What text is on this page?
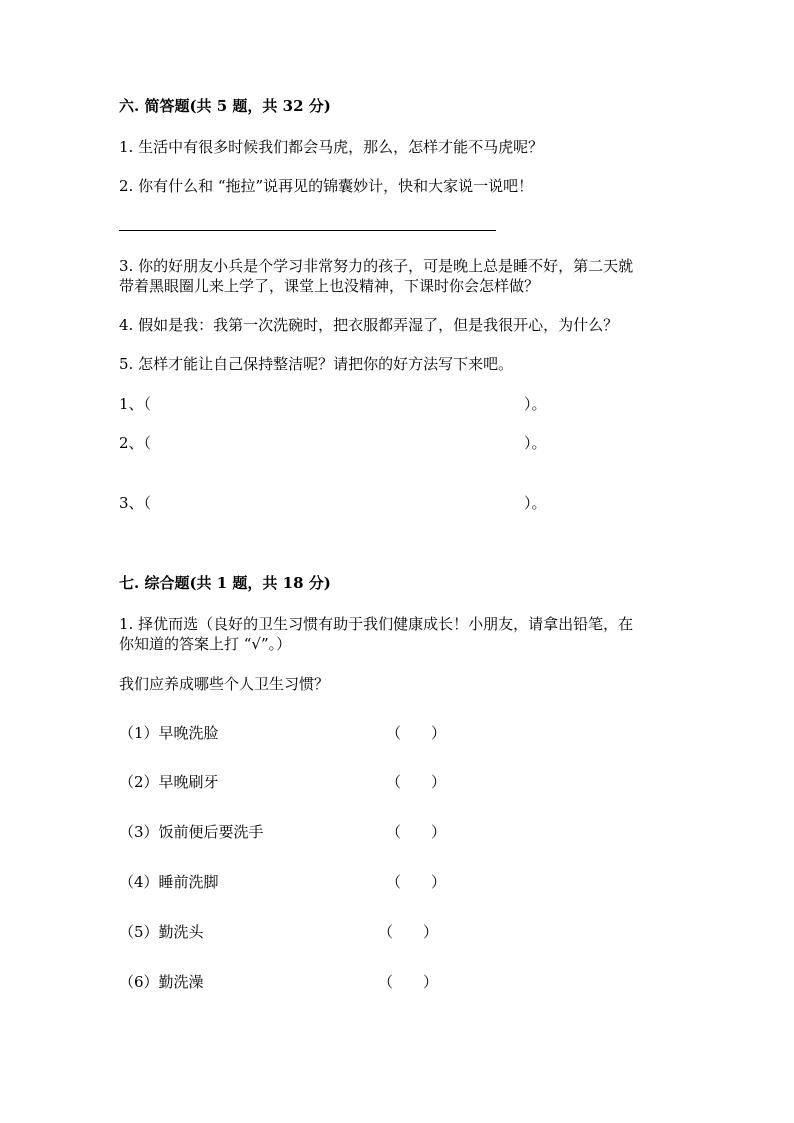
六. 简答题(共 5 题，共 32 分)
1. 生活中有很多时候我们都会马虎，那么，怎样才能不马虎呢？
2. 你有什么和 “拖拉”说再见的锦囊妙计，快和大家说一说吧！
3. 你的好朋友小兵是个学习非常努力的孩子，可是晚上总是睡不好，第二天就
带着黑眼圈儿来上学了，课堂上也没精神，下课时你会怎样做？
4. 假如是我：我第一次洗碗时，把衣服都弄湿了，但是我很开心，为什么？
5. 怎样才能让自己保持整洁呢？请把你的好方法写下来吧。
1、（	）。
2、（	）。
3、（	）。
七. 综合题(共 1 题，共 18 分)
1. 择优而选（良好的卫生习惯有助于我们健康成长！小朋友，请拿出铅笔，在
你知道的答案上打 “√”。）
我们应养成哪些个人卫生习惯？
（1）早晚洗脸	（　　）
（2）早晚刷牙	（　　）
（3）饭前便后要洗手	（　　）
（4）睡前洗脚	（　　）
（5）勤洗头	（　　）
（6）勤洗澡	（　　）
